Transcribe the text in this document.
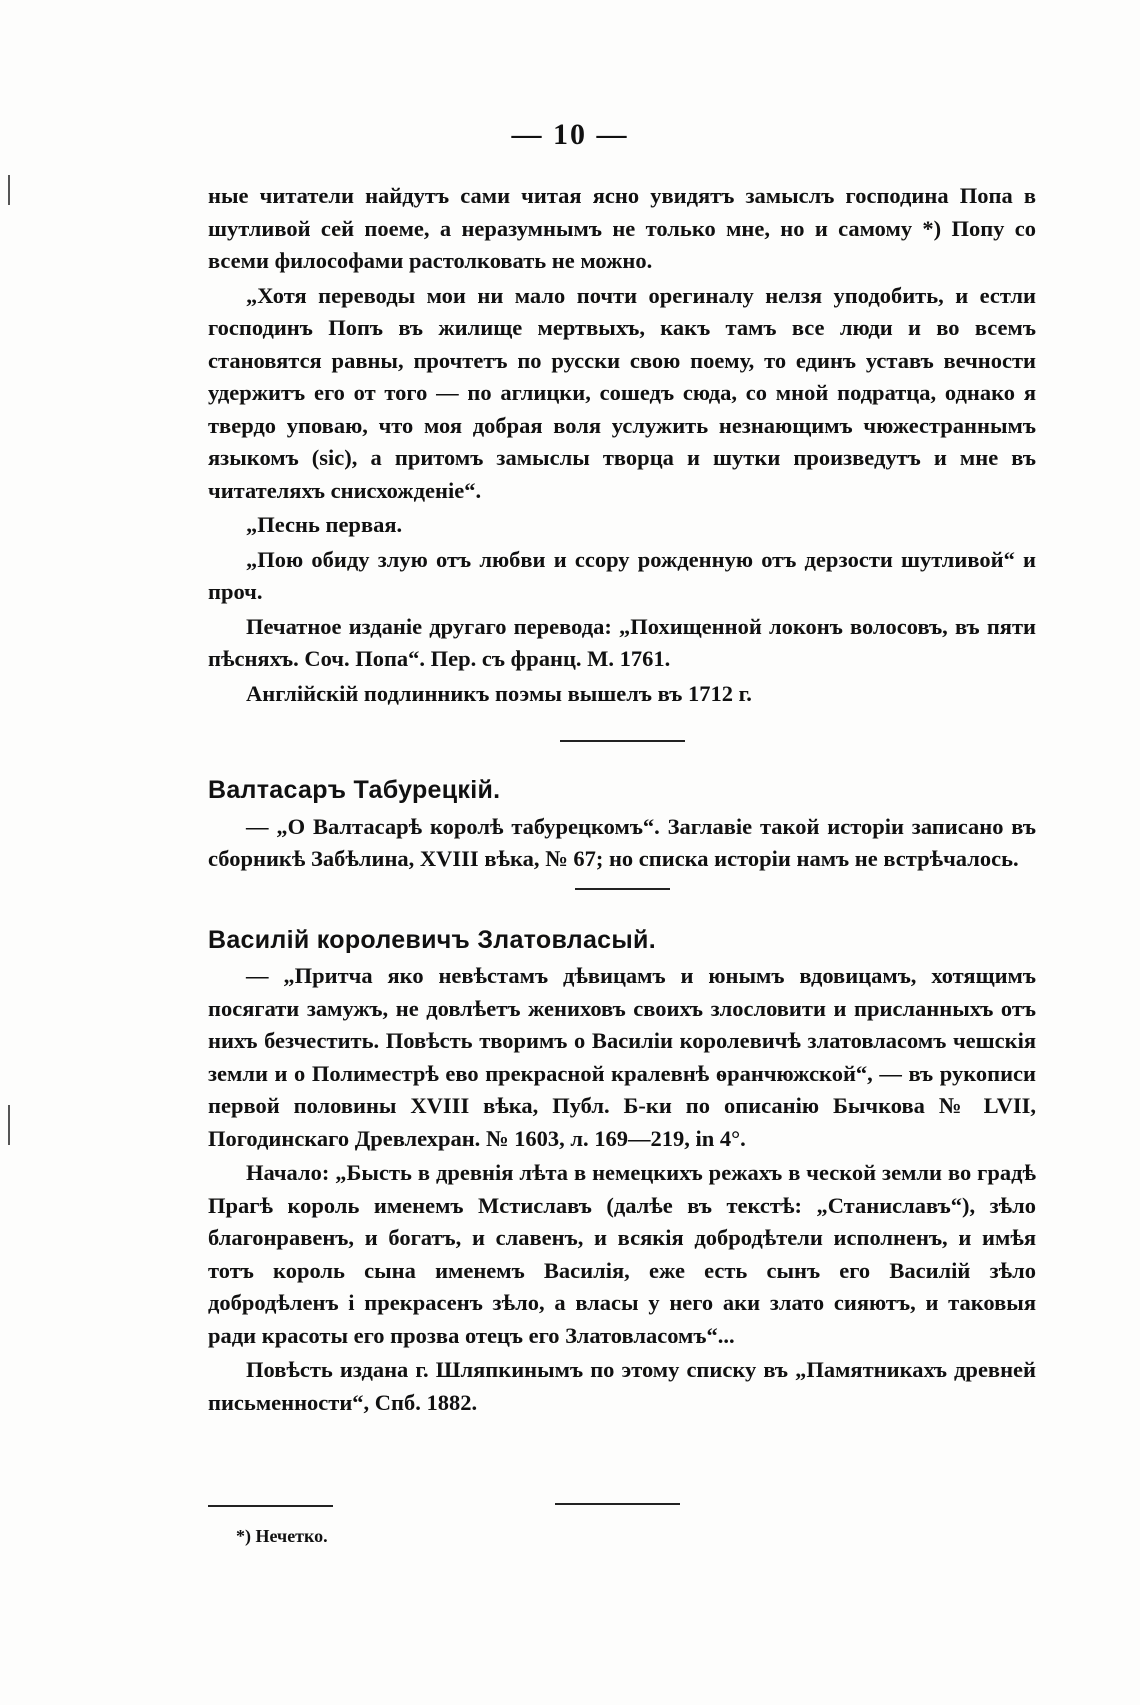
— 10 —

ные читатели найдутъ сами читая ясно увидятъ замыслъ господина Попа в шутливой сей поеме, а неразумнымъ не только мне, но и самому *) Попу со всеми философами растолковать не можно.

„Хотя переводы мои ни мало почти орегиналу нелзя уподобить, и естли господинъ Попъ въ жилище мертвыхъ, какъ тамъ все люди и во всемъ становятся равны, прочтетъ по русски свою поему, то единъ уставъ вечности удержитъ его от того — по аглицки, сошедъ сюда, со мной подратца, однако я твердо уповаю, что моя добрая воля услужить незнающимъ чюжестраннымъ языкомъ (sic), а притомъ замыслы творца и шутки произведутъ и мне въ читателяхъ снисхожденіе“.

„Песнь первая.

„Пою обиду злую отъ любви и ссору рожденную отъ дерзости шутливой“ и проч.

Печатное изданіе другаго перевода: „Похищенной локонъ волосовъ, въ пяти пѣсняхъ. Соч. Попа“. Пер. съ франц. М. 1761.

Англійскій подлинникъ поэмы вышелъ въ 1712 г.

Валтасаръ Табурецкій.

— „О Валтасарѣ королѣ табурецкомъ“. Заглавіе такой исторіи записано въ сборникѣ Забѣлина, XVIII вѣка, № 67; но списка исторіи намъ не встрѣчалось.

Василій королевичъ Златовласый.

— „Притча яко невѣстамъ дѣвицамъ и юнымъ вдовицамъ, хотящимъ посягати замужъ, не довлѣетъ жениховъ своихъ злословити и присланныхъ отъ нихъ безчестить. Повѣсть творимъ о Василіи королевичѣ златовласомъ чешскія земли и о Полиместрѣ ево прекрасной кралевнѣ ѳранчюжской“, — въ рукописи первой половины XVIII вѣка, Публ. Б-ки по описанію Бычкова № LVII, Погодинскаго Древлехран. № 1603, л. 169—219, in 4°.

Начало: „Бысть в древнія лѣта в немецкихъ режахъ в ческой земли во градѣ Прагѣ король именемъ Мстиславъ (далѣе въ текстѣ: „Станиславъ“), зѣло благонравенъ, и богатъ, и славенъ, и всякія добродѣтели исполненъ, и имѣя тотъ король сына именемъ Василія, еже есть сынъ его Василій зѣло добродѣленъ і прекрасенъ зѣло, а власы у него аки злато сияютъ, и таковыя ради красоты его прозва отецъ его Златовласомъ“...

Повѣсть издана г. Шляпкинымъ по этому списку въ „Памятникахъ древней письменности“, Спб. 1882.

*) Нечетко.
